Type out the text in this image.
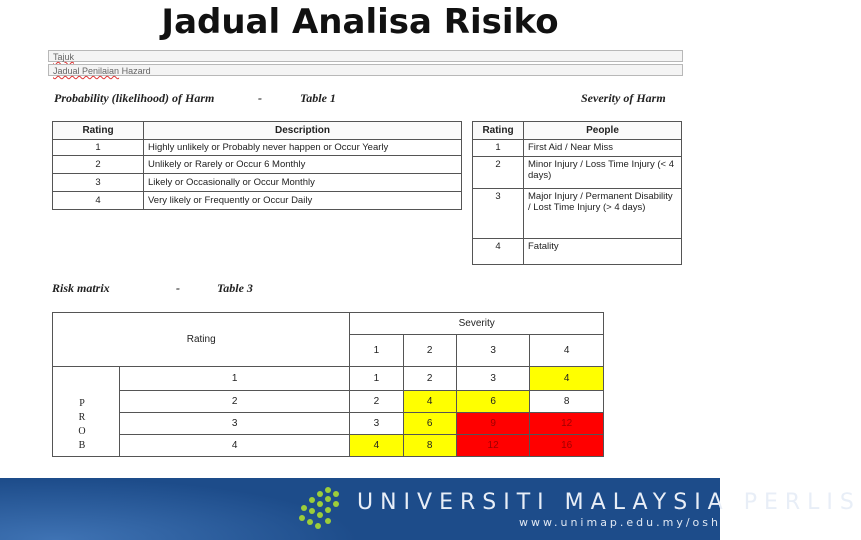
Jadual Analisa Risiko
Tajuk
Jadual Penilaian Hazard
Probability (likelihood) of Harm	-	Table 1	Severity of Harm
Rating	Description
1	Highly unlikely or Probably never happen or Occur Yearly
2	Unlikely or Rarely or Occur 6 Monthly
3	Likely or Occasionally or Occur Monthly
4	Very likely or Frequently or Occur Daily
Rating	People
1	First Aid / Near Miss
2	Minor Injury / Loss Time Injury (< 4 days)
3	Major Injury / Permanent Disability / Lost Time Injury (> 4 days)
4	Fatality
Risk matrix	-	Table 3
Rating		Severity			
		1	2	3	4
	1	1	2	3	4
	2	2	4	6	8
	3	3	6	9	12
	4	4	8	12	16
P
R
O
B
UNIVERSITI MALAYSIA PERLIS
www.unimap.edu.my/osh
